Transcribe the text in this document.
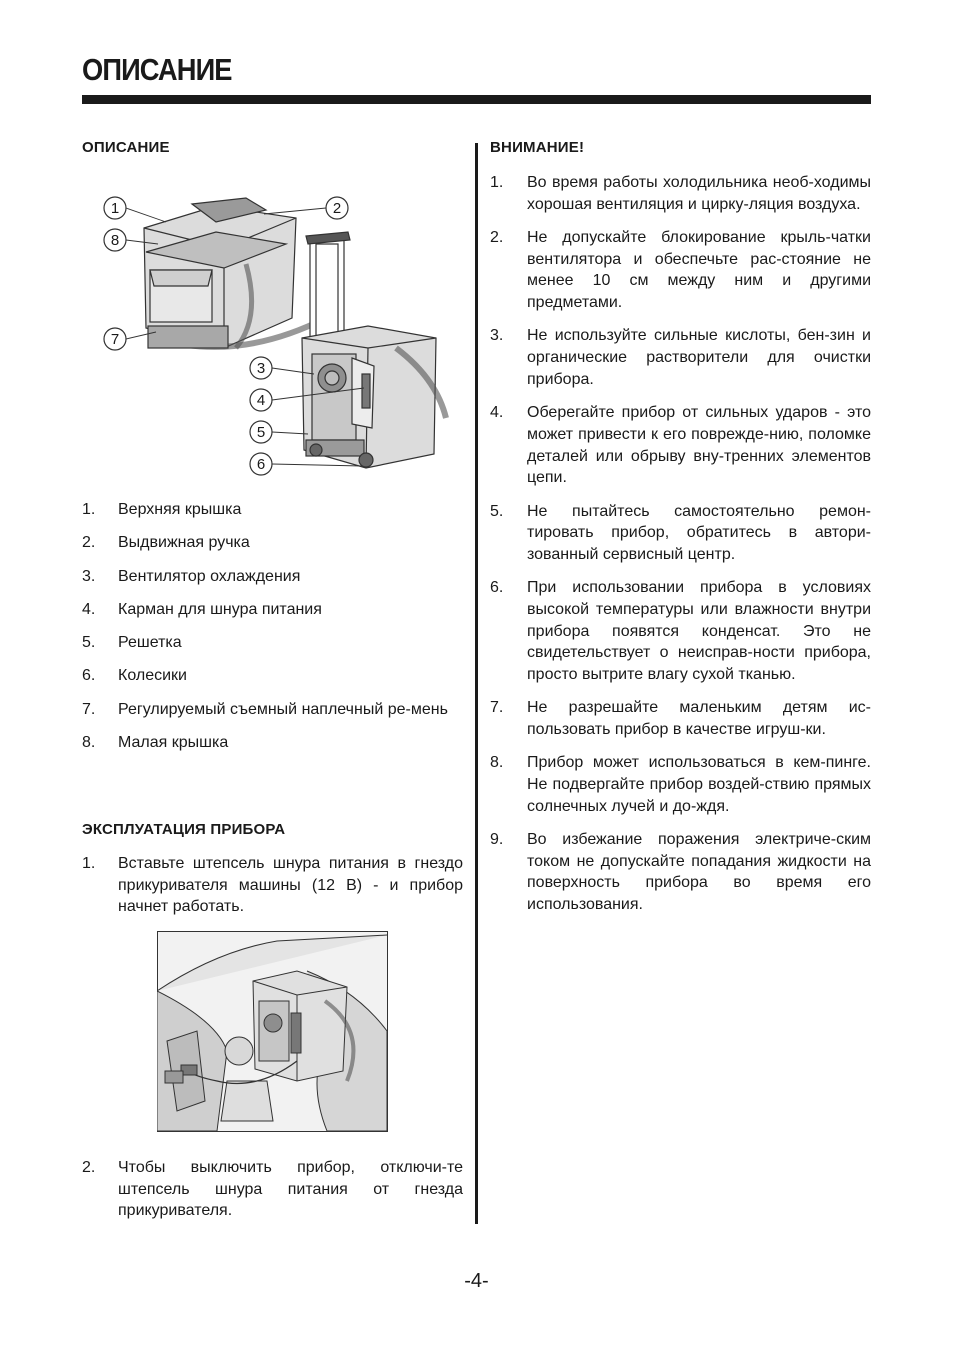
ОПИСАНИЕ
ОПИСАНИЕ
1	2
8
7
3
4
5
6
1. Верхняя крышка
2. Выдвижная ручка
3. Вентилятор охлаждения
4. Карман для шнура питания
5. Решетка
6. Колесики
7. Регулируемый съемный наплечный ре-мень
8. Малая крышка
ЭКСПЛУАТАЦИЯ ПРИБОРА
1. Вставьте штепсель шнура питания в гнездо прикуривателя машины (12 В) - и прибор начнет работать.
2. Чтобы выключить прибор, отключи-те штепсель шнура питания от гнезда прикуривателя.
ВНИМАНИЕ!
1. Во время работы холодильника необ-ходимы хорошая вентиляция и цирку-ляция воздуха.
2. Не допускайте блокирование крыль-чатки вентилятора и обеспечьте рас-стояние не менее 10 см между ним и другими предметами.
3. Не используйте сильные кислоты, бен-зин и органические растворители для очистки прибора.
4. Оберегайте прибор от сильных ударов - это может привести к его поврежде-нию, поломке деталей или обрыву вну-тренних элементов цепи.
5. Не пытайтесь самостоятельно ремон-тировать прибор, обратитесь в автори-зованный сервисный центр.
6. При использовании прибора в условиях высокой температуры или влажности внутри прибора появятся конденсат. Это не свидетельствует о неисправ-ности прибора, просто вытрите влагу сухой тканью.
7. Не разрешайте маленьким детям ис-пользовать прибор в качестве игруш-ки.
8. Прибор может использоваться в кем-пинге. Не подвергайте прибор воздей-ствию прямых солнечных лучей и до-ждя.
9. Во избежание поражения электриче-ским током не допускайте попадания жидкости на поверхность прибора во время его использования.
-4-
